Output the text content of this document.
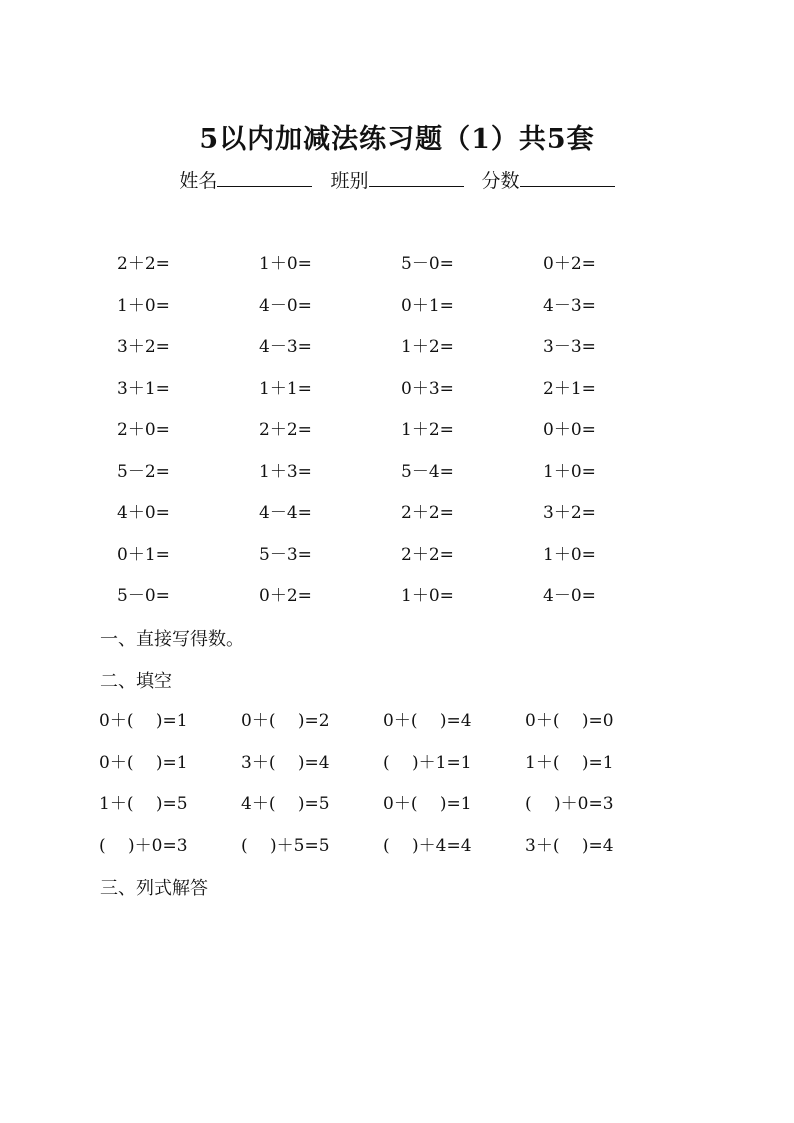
5以内加减法练习题（1）共5套
姓名	班别	分数
2＋2=	1＋0=	5－0=	0＋2=
1＋0=	4－0=	0＋1=	4－3=
3＋2=	4－3=	1＋2=	3－3=
3＋1=	1＋1=	0＋3=	2＋1=
2＋0=	2＋2=	1＋2=	0＋0=
5－2=	1＋3=	5－4=	1＋0=
4＋0=	4－4=	2＋2=	3＋2=
0＋1=	5－3=	2＋2=	1＋0=
5－0=	0＋2=	1＋0=	4－0=
一、直接写得数。
二、填空
0＋(　 )=1	0＋(　 )=2	0＋(　 )=4	0＋(　 )=0
0＋(　 )=1	3＋(　 )=4	(　 )＋1=1	1＋(　 )=1
1＋(　 )=5	4＋(　 )=5	0＋(　 )=1	(　 )＋0=3
(　 )＋0=3	(　 )＋5=5	(　 )＋4=4	3＋(　 )=4
三、列式解答
